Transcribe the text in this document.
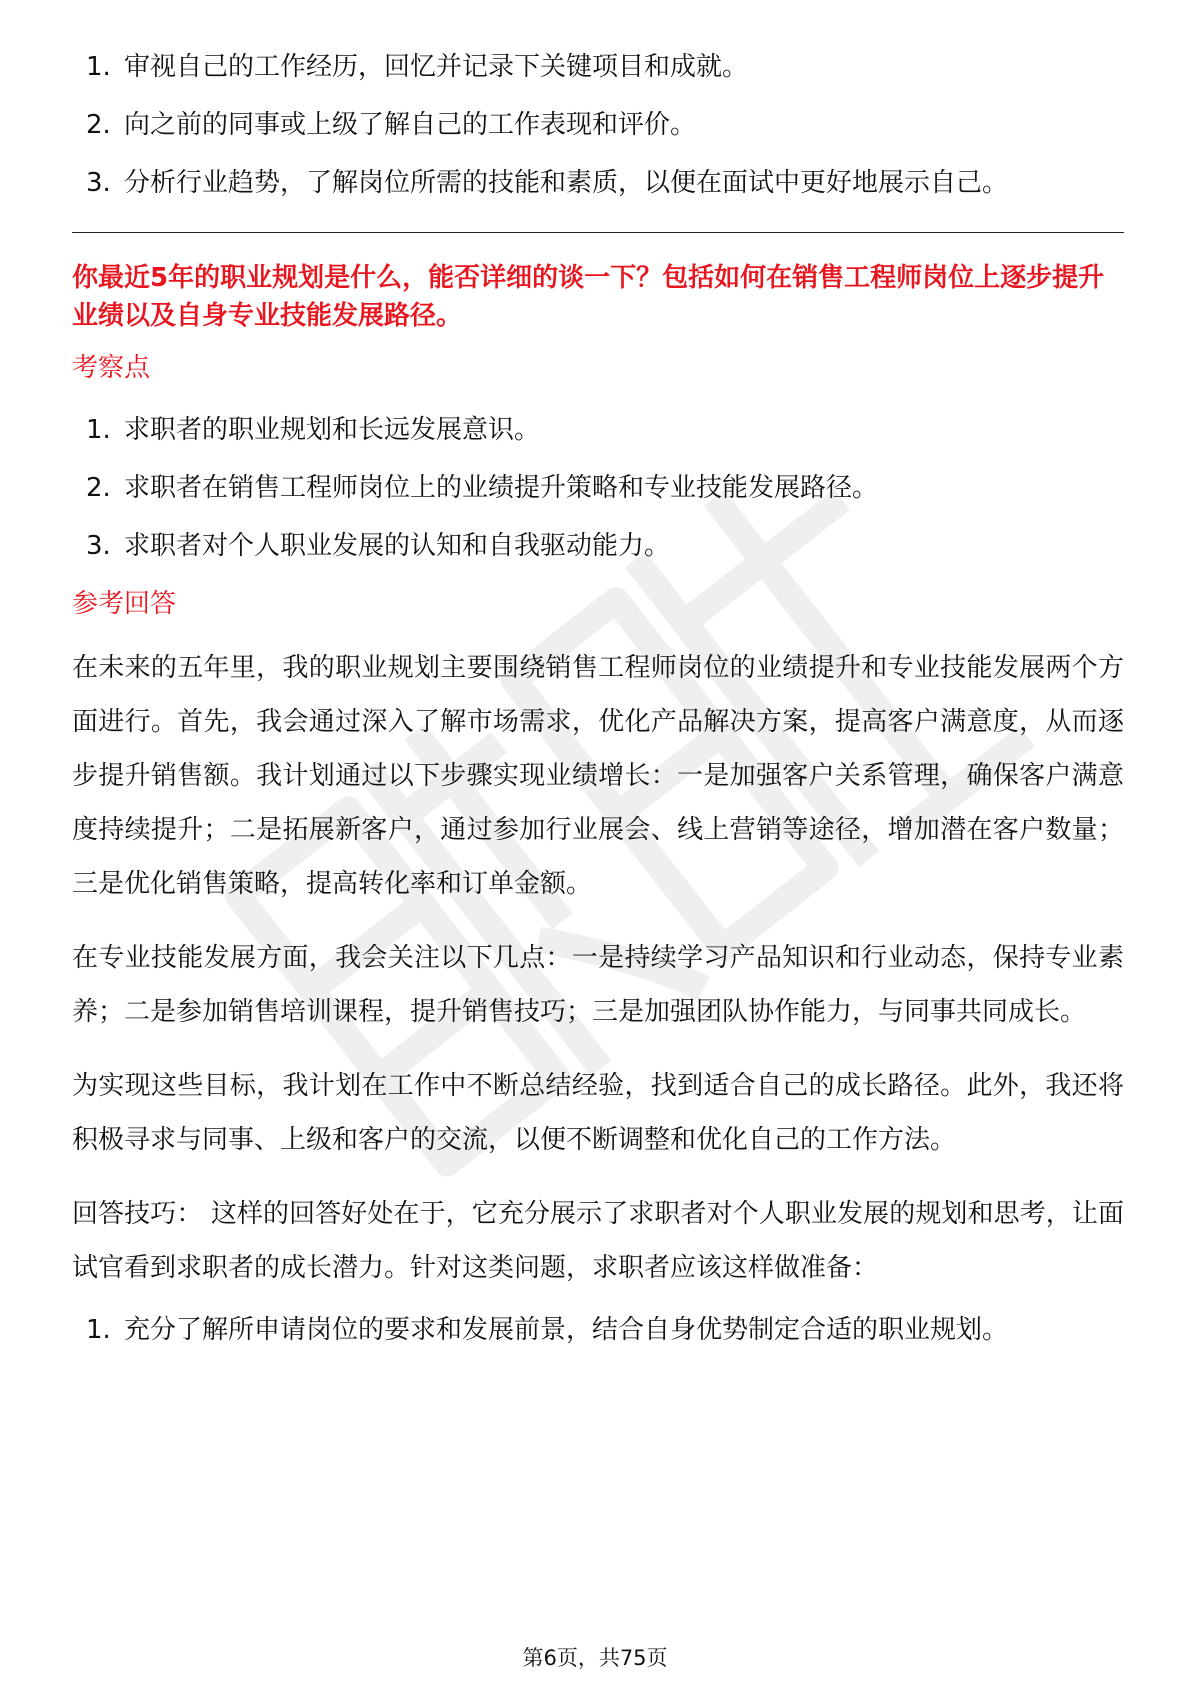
1. 审视自己的工作经历，回忆并记录下关键项目和成就。
2. 向之前的同事或上级了解自己的工作表现和评价。
3. 分析行业趋势，了解岗位所需的技能和素质，以便在面试中更好地展示自己。
你最近5年的职业规划是什么，能否详细的谈一下？包括如何在销售工程师岗位上逐步提升业绩以及自身专业技能发展路径。
考察点
1. 求职者的职业规划和长远发展意识。
2. 求职者在销售工程师岗位上的业绩提升策略和专业技能发展路径。
3. 求职者对个人职业发展的认知和自我驱动能力。
参考回答

在未来的五年里，我的职业规划主要围绕销售工程师岗位的业绩提升和专业技能发展两个方面进行。首先，我会通过深入了解市场需求，优化产品解决方案，提高客户满意度，从而逐步提升销售额。我计划通过以下步骤实现业绩增长：一是加强客户关系管理，确保客户满意度持续提升；二是拓展新客户，通过参加行业展会、线上营销等途径，增加潜在客户数量；三是优化销售策略，提高转化率和订单金额。

在专业技能发展方面，我会关注以下几点：一是持续学习产品知识和行业动态，保持专业素养；二是参加销售培训课程，提升销售技巧；三是加强团队协作能力，与同事共同成长。

为实现这些目标，我计划在工作中不断总结经验，找到适合自己的成长路径。此外，我还将积极寻求与同事、上级和客户的交流，以便不断调整和优化自己的工作方法。

回答技巧： 这样的回答好处在于，它充分展示了求职者对个人职业发展的规划和思考，让面试官看到求职者的成长潜力。针对这类问题，求职者应该这样做准备：

1. 充分了解所申请岗位的要求和发展前景，结合自身优势制定合适的职业规划。
第6页，共75页
